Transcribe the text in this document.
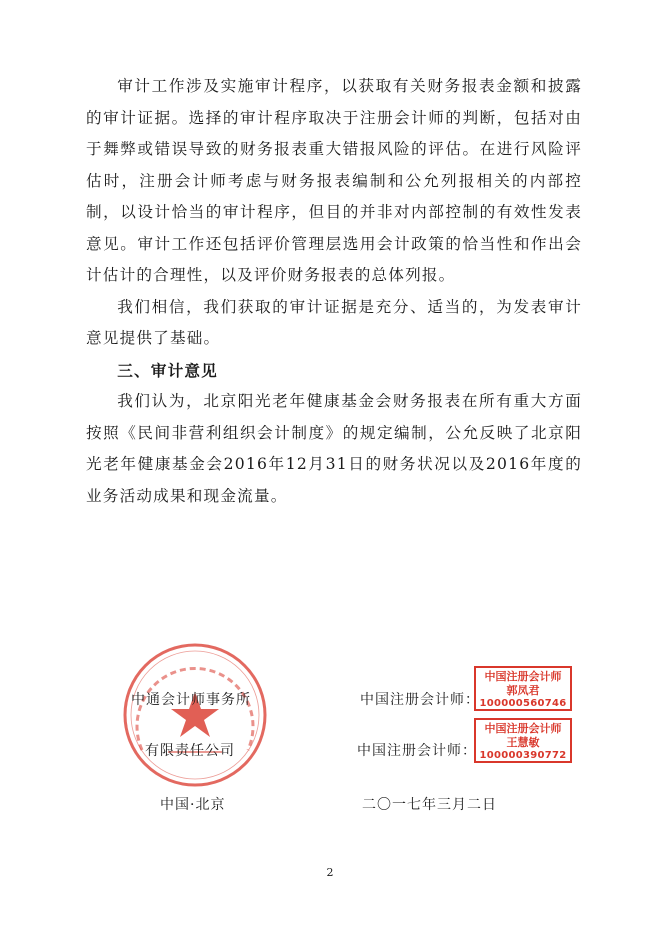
审计工作涉及实施审计程序，以获取有关财务报表金额和披露的审计证据。选择的审计程序取决于注册会计师的判断，包括对由于舞弊或错误导致的财务报表重大错报风险的评估。在进行风险评估时，注册会计师考虑与财务报表编制和公允列报相关的内部控制，以设计恰当的审计程序，但目的并非对内部控制的有效性发表意见。审计工作还包括评价管理层选用会计政策的恰当性和作出会计估计的合理性，以及评价财务报表的总体列报。

我们相信，我们获取的审计证据是充分、适当的，为发表审计意见提供了基础。

三、审计意见

我们认为，北京阳光老年健康基金会财务报表在所有重大方面按照《民间非营利组织会计制度》的规定编制，公允反映了北京阳光老年健康基金会2016年12月31日的财务状况以及2016年度的业务活动成果和现金流量。

中通会计师事务所
有限责任公司
中国·北京
中国注册会计师：
中国注册会计师：
二〇一七年三月二日
中国注册会计师
郭凤君
100000560746
中国注册会计师
王慧敏
100000390772
2
